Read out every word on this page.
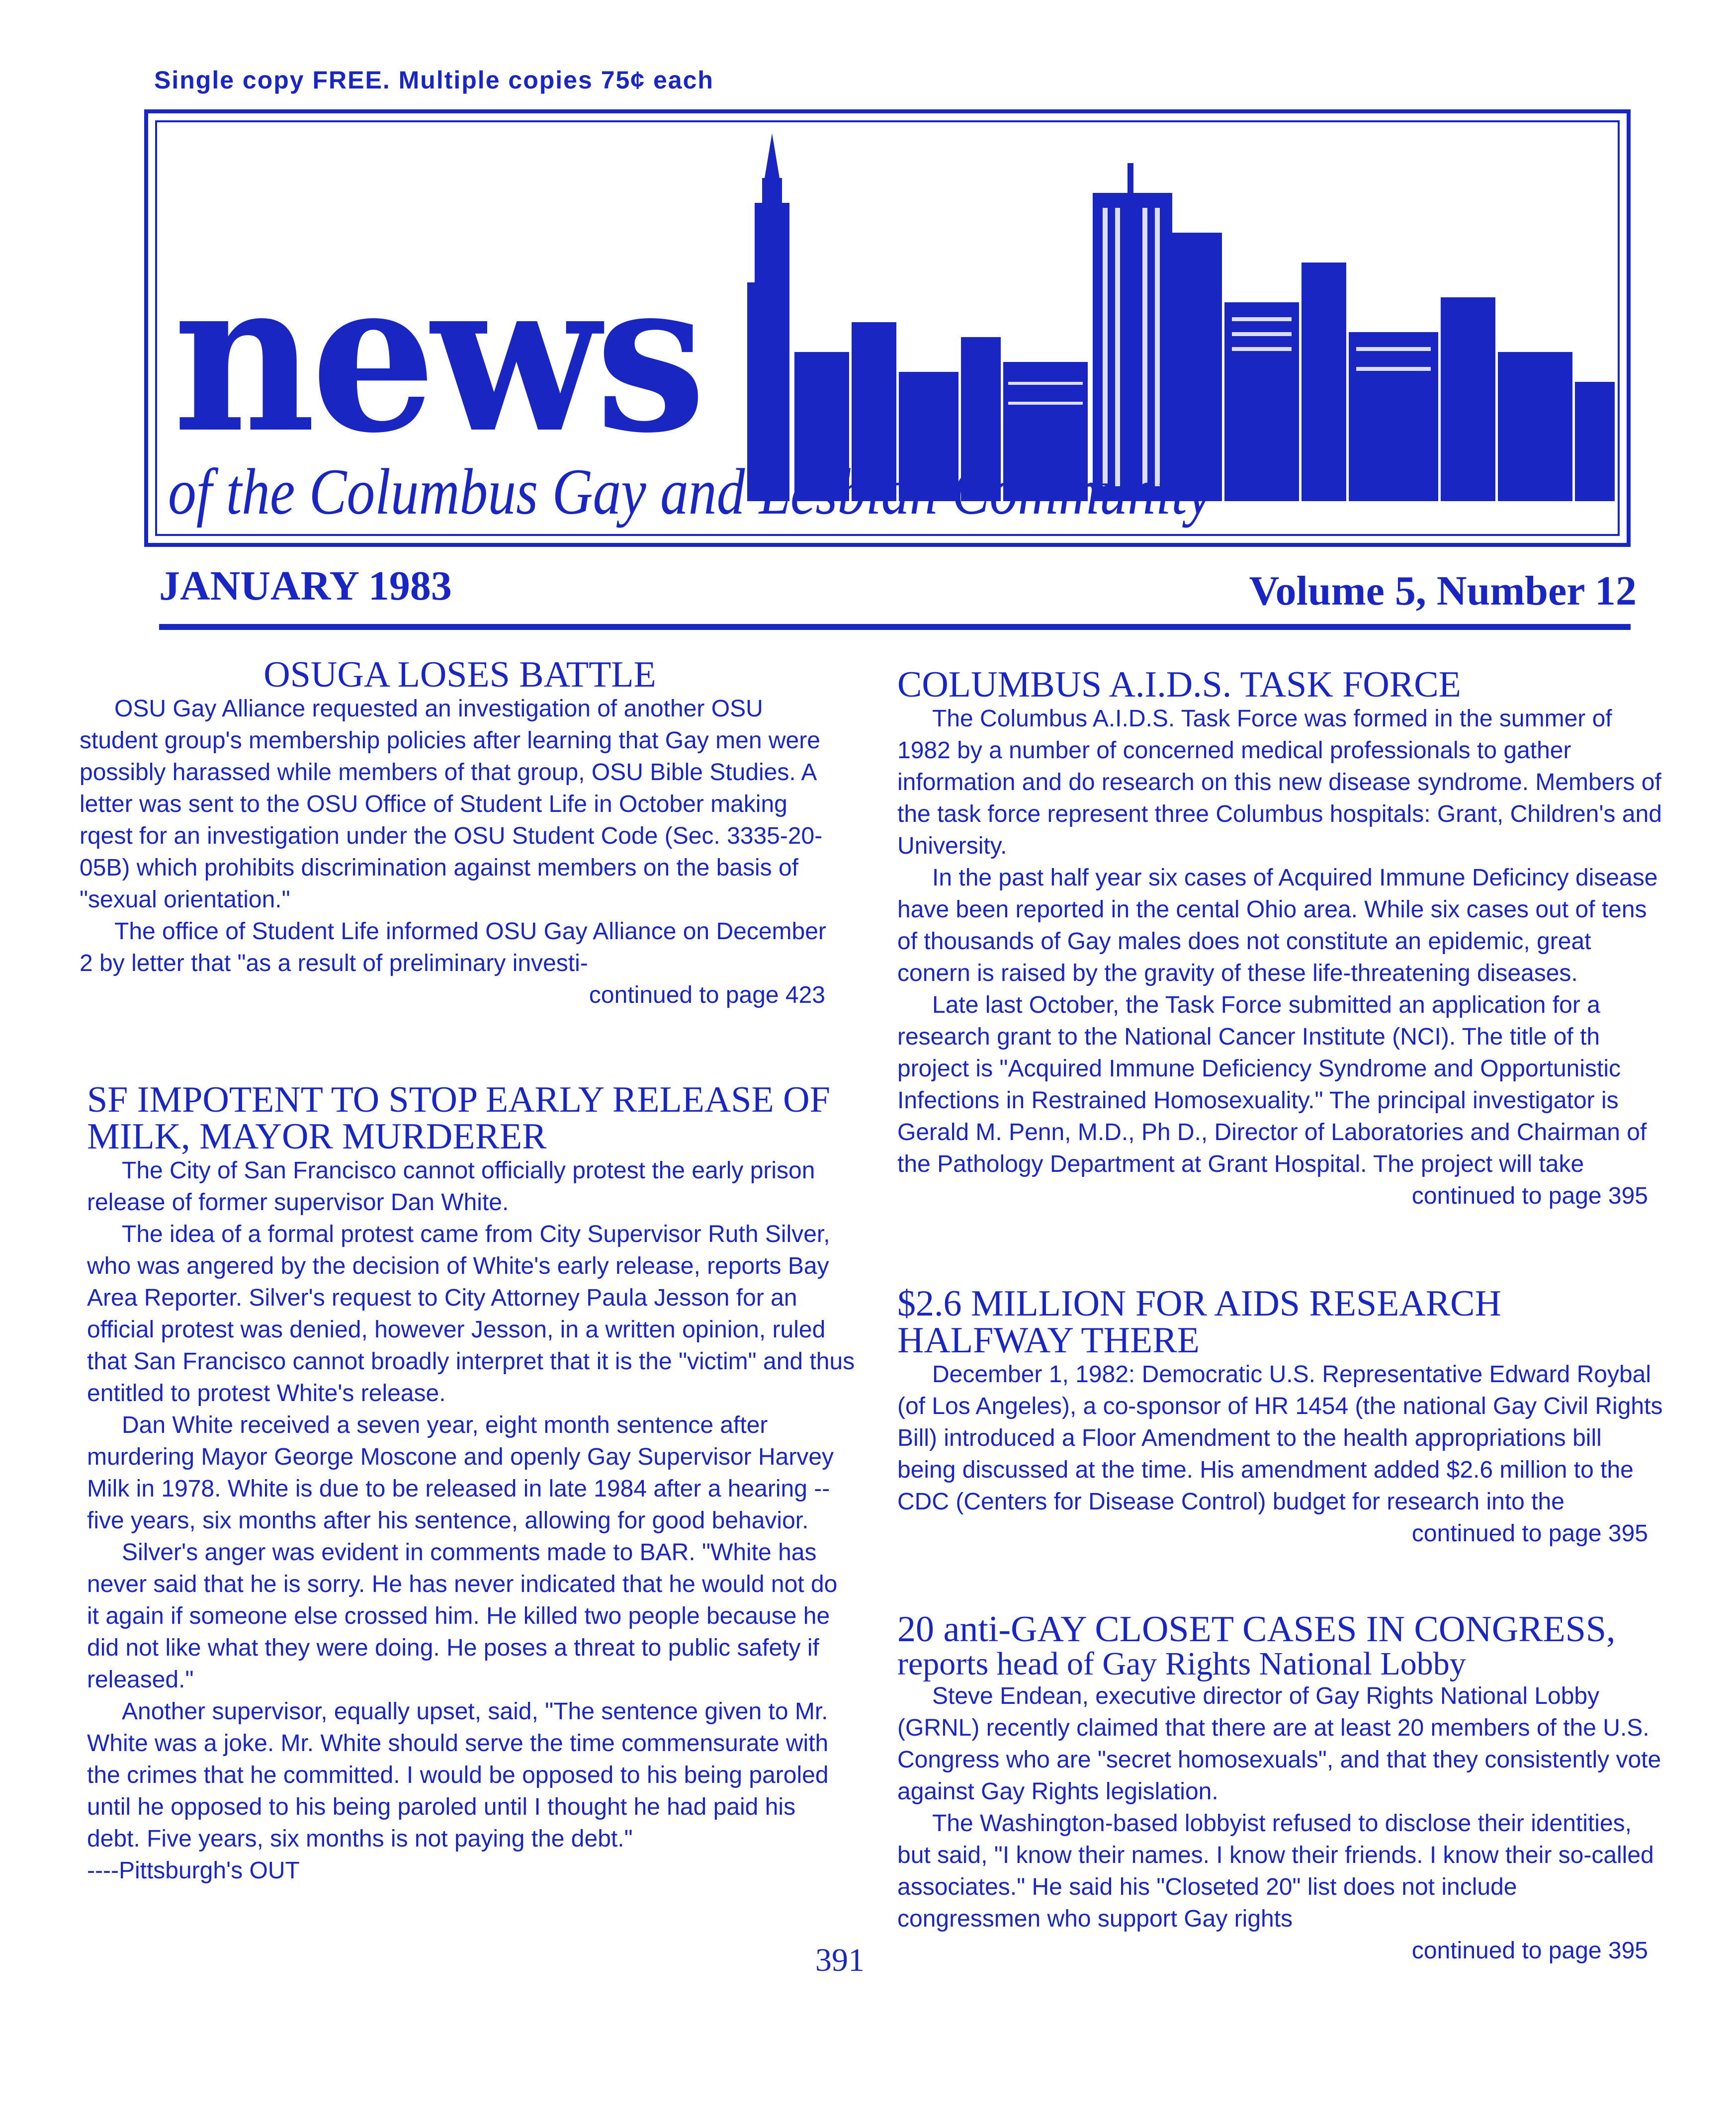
Single copy FREE. Multiple copies 75¢ each
news
of the Columbus Gay and Lesbian Community
JANUARY 1983	Volume 5, Number 12
OSUGA LOSES BATTLE

OSU Gay Alliance requested an investigation of another OSU student group's membership policies after learning that Gay men were possibly harassed while members of that group, OSU Bible Studies. A letter was sent to the OSU Office of Student Life in October making rqest for an investigation under the OSU Student Code (Sec. 3335-20-05B) which prohibits discrimination against members on the basis of "sexual orientation."

The office of Student Life informed OSU Gay Alliance on December 2 by letter that "as a result of preliminary investi-

continued to page 423

SF IMPOTENT TO STOP EARLY RELEASE OF MILK, MAYOR MURDERER

The City of San Francisco cannot officially protest the early prison release of former supervisor Dan White.

The idea of a formal protest came from City Supervisor Ruth Silver, who was angered by the decision of White's early release, reports Bay Area Reporter. Silver's request to City Attorney Paula Jesson for an official protest was denied, however Jesson, in a written opinion, ruled that San Francisco cannot broadly interpret that it is the "victim" and thus entitled to protest White's release.

Dan White received a seven year, eight month sentence after murdering Mayor George Moscone and openly Gay Supervisor Harvey Milk in 1978. White is due to be released in late 1984 after a hearing -- five years, six months after his sentence, allowing for good behavior.

Silver's anger was evident in comments made to BAR. "White has never said that he is sorry. He has never indicated that he would not do it again if someone else crossed him. He killed two people because he did not like what they were doing. He poses a threat to public safety if released."

Another supervisor, equally upset, said, "The sentence given to Mr. White was a joke. Mr. White should serve the time commensurate with the crimes that he committed. I would be opposed to his being paroled until he opposed to his being paroled until I thought he had paid his debt. Five years, six months is not paying the debt."

----Pittsburgh's OUT

COLUMBUS A.I.D.S. TASK FORCE

The Columbus A.I.D.S. Task Force was formed in the summer of 1982 by a number of concerned medical professionals to gather information and do research on this new disease syndrome. Members of the task force represent three Columbus hospitals: Grant, Children's and University.

In the past half year six cases of Acquired Immune Deficincy disease have been reported in the cental Ohio area. While six cases out of tens of thousands of Gay males does not constitute an epidemic, great conern is raised by the gravity of these life-threatening diseases.

Late last October, the Task Force submitted an application for a research grant to the National Cancer Institute (NCI). The title of th project is "Acquired Immune Deficiency Syndrome and Opportunistic Infections in Restrained Homosexuality." The principal investigator is Gerald M. Penn, M.D., Ph D., Director of Laboratories and Chairman of the Pathology Department at Grant Hospital. The project will take

continued to page 395

$2.6 MILLION FOR AIDS RESEARCH HALFWAY THERE

December 1, 1982: Democratic U.S. Representative Edward Roybal (of Los Angeles), a co-sponsor of HR 1454 (the national Gay Civil Rights Bill) introduced a Floor Amendment to the health appropriations bill being discussed at the time. His amendment added $2.6 million to the CDC (Centers for Disease Control) budget for research into the

continued to page 395

20 anti-GAY CLOSET CASES IN CONGRESS,
reports head of Gay Rights National Lobby

Steve Endean, executive director of Gay Rights National Lobby (GRNL) recently claimed that there are at least 20 members of the U.S. Congress who are "secret homosexuals", and that they consistently vote against Gay Rights legislation.

The Washington-based lobbyist refused to disclose their identities, but said, "I know their names. I know their friends. I know their so-called associates." He said his "Closeted 20" list does not include congressmen who support Gay rights

continued to page 395

391
